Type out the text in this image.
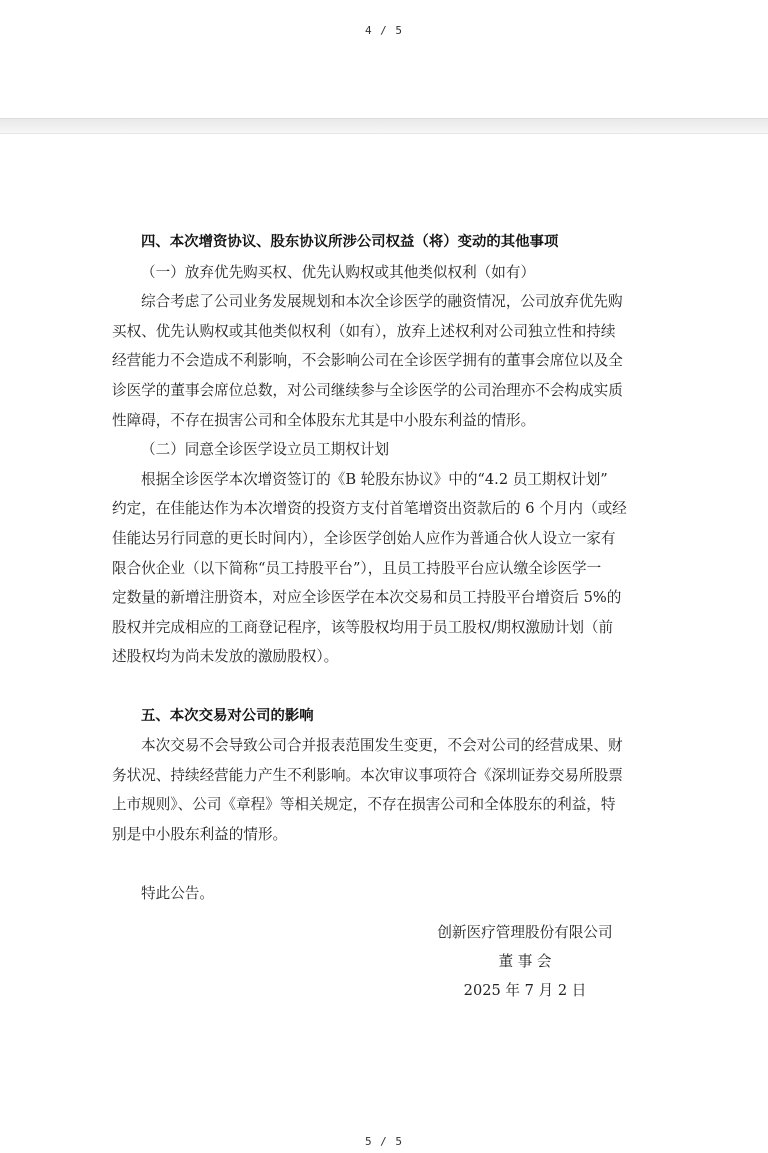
4 / 5
四、本次增资协议、股东协议所涉公司权益（将）变动的其他事项
（一）放弃优先购买权、优先认购权或其他类似权利（如有）
综合考虑了公司业务发展规划和本次全诊医学的融资情况，公司放弃优先购
买权、优先认购权或其他类似权利（如有），放弃上述权利对公司独立性和持续
经营能力不会造成不利影响，不会影响公司在全诊医学拥有的董事会席位以及全
诊医学的董事会席位总数，对公司继续参与全诊医学的公司治理亦不会构成实质
性障碍，不存在损害公司和全体股东尤其是中小股东利益的情形。
（二）同意全诊医学设立员工期权计划
根据全诊医学本次增资签订的《B 轮股东协议》中的“4.2 员工期权计划”
约定，在佳能达作为本次增资的投资方支付首笔增资出资款后的 6 个月内（或经
佳能达另行同意的更长时间内），全诊医学创始人应作为普通合伙人设立一家有
限合伙企业（以下简称“员工持股平台”），且员工持股平台应认缴全诊医学一
定数量的新增注册资本，对应全诊医学在本次交易和员工持股平台增资后 5%的
股权并完成相应的工商登记程序，该等股权均用于员工股权/期权激励计划（前
述股权均为尚未发放的激励股权）。
五、本次交易对公司的影响
本次交易不会导致公司合并报表范围发生变更，不会对公司的经营成果、财
务状况、持续经营能力产生不利影响。本次审议事项符合《深圳证券交易所股票
上市规则》、公司《章程》等相关规定，不存在损害公司和全体股东的利益，特
别是中小股东利益的情形。
特此公告。
创新医疗管理股份有限公司
董 事 会
2025 年 7 月 2 日
5 / 5
